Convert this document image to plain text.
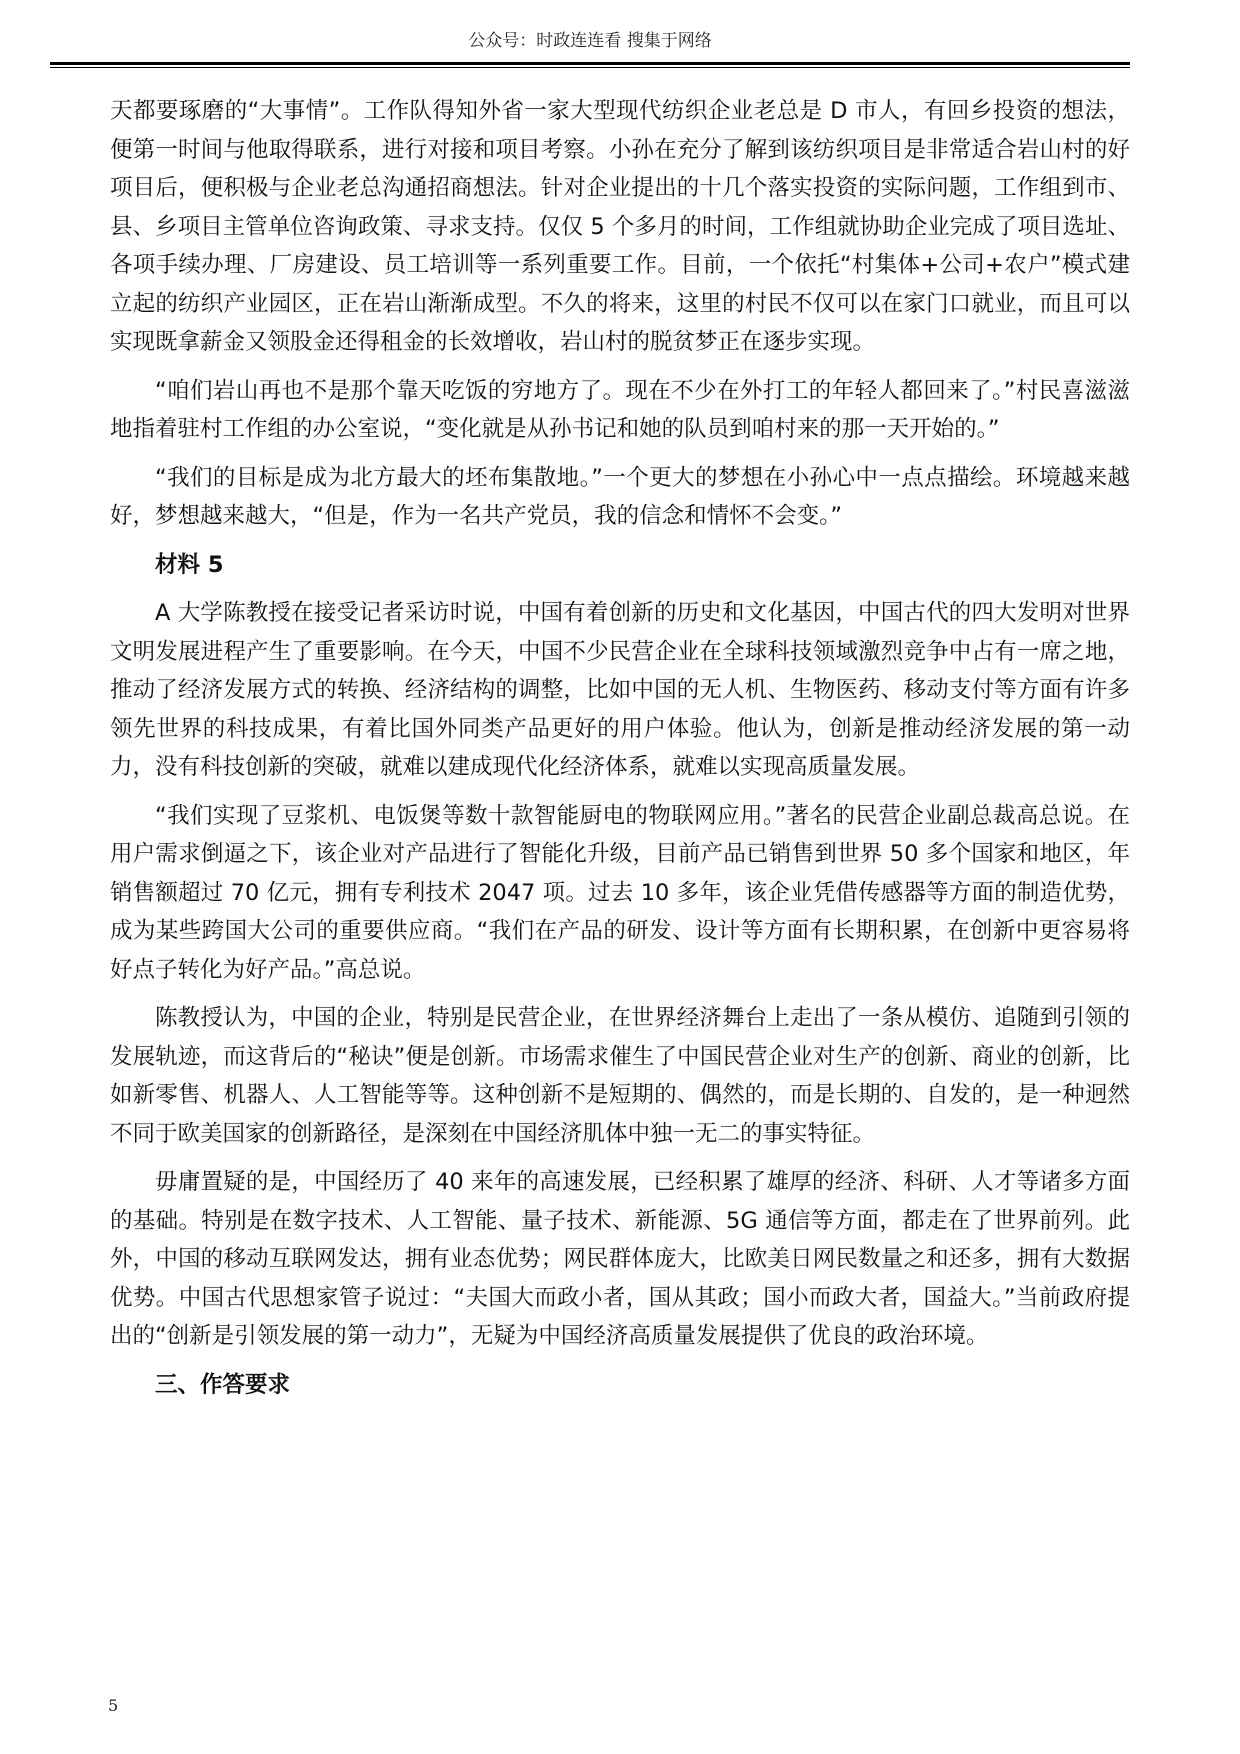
公众号：时政连连看 搜集于网络

天都要琢磨的“大事情”。工作队得知外省一家大型现代纺织企业老总是 D 市人，有回乡投资的想法，便第一时间与他取得联系，进行对接和项目考察。小孙在充分了解到该纺织项目是非常适合岩山村的好项目后，便积极与企业老总沟通招商想法。针对企业提出的十几个落实投资的实际问题，工作组到市、县、乡项目主管单位咨询政策、寻求支持。仅仅 5 个多月的时间，工作组就协助企业完成了项目选址、各项手续办理、厂房建设、员工培训等一系列重要工作。目前，一个依托“村集体+公司+农户”模式建立起的纺织产业园区，正在岩山渐渐成型。不久的将来，这里的村民不仅可以在家门口就业，而且可以实现既拿薪金又领股金还得租金的长效增收，岩山村的脱贫梦正在逐步实现。

“咱们岩山再也不是那个靠天吃饭的穷地方了。现在不少在外打工的年轻人都回来了。”村民喜滋滋地指着驻村工作组的办公室说，“变化就是从孙书记和她的队员到咱村来的那一天开始的。”

“我们的目标是成为北方最大的坯布集散地。”一个更大的梦想在小孙心中一点点描绘。环境越来越好，梦想越来越大，“但是，作为一名共产党员，我的信念和情怀不会变。”

材料 5

A 大学陈教授在接受记者采访时说，中国有着创新的历史和文化基因，中国古代的四大发明对世界文明发展进程产生了重要影响。在今天，中国不少民营企业在全球科技领域激烈竞争中占有一席之地，推动了经济发展方式的转换、经济结构的调整，比如中国的无人机、生物医药、移动支付等方面有许多领先世界的科技成果，有着比国外同类产品更好的用户体验。他认为，创新是推动经济发展的第一动力，没有科技创新的突破，就难以建成现代化经济体系，就难以实现高质量发展。

“我们实现了豆浆机、电饭煲等数十款智能厨电的物联网应用。”著名的民营企业副总裁高总说。在用户需求倒逼之下，该企业对产品进行了智能化升级，目前产品已销售到世界 50 多个国家和地区，年销售额超过 70 亿元，拥有专利技术 2047 项。过去 10 多年，该企业凭借传感器等方面的制造优势，成为某些跨国大公司的重要供应商。“我们在产品的研发、设计等方面有长期积累，在创新中更容易将好点子转化为好产品。”高总说。

陈教授认为，中国的企业，特别是民营企业，在世界经济舞台上走出了一条从模仿、追随到引领的发展轨迹，而这背后的“秘诀”便是创新。市场需求催生了中国民营企业对生产的创新、商业的创新，比如新零售、机器人、人工智能等等。这种创新不是短期的、偶然的，而是长期的、自发的，是一种迥然不同于欧美国家的创新路径，是深刻在中国经济肌体中独一无二的事实特征。

毋庸置疑的是，中国经历了 40 来年的高速发展，已经积累了雄厚的经济、科研、人才等诸多方面的基础。特别是在数字技术、人工智能、量子技术、新能源、5G 通信等方面，都走在了世界前列。此外，中国的移动互联网发达，拥有业态优势；网民群体庞大，比欧美日网民数量之和还多，拥有大数据优势。中国古代思想家管子说过：“夫国大而政小者，国从其政；国小而政大者，国益大。”当前政府提出的“创新是引领发展的第一动力”，无疑为中国经济高质量发展提供了优良的政治环境。

三、作答要求

5
